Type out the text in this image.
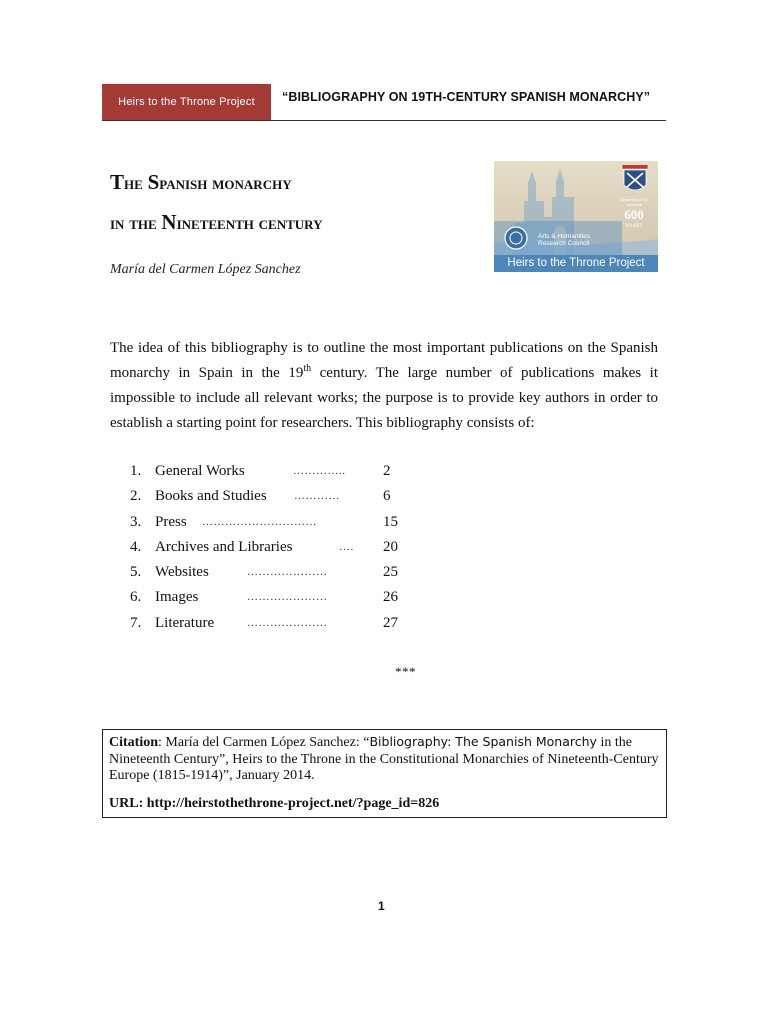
Heirs to the Throne Project	“BIBLIOGRAPHY ON 19TH-CENTURY SPANISH MONARCHY”
The Spanish monarchy
in the Nineteenth century
María del Carmen López Sanchez
University of St Andrews
600
YEARS
Arts & Humanities Research Council
Heirs to the Throne Project
The idea of this bibliography is to outline the most important publications on the Spanish monarchy in Spain in the 19th century. The large number of publications makes it impossible to include all relevant works; the purpose is to provide key authors in order to establish a starting point for researchers. This bibliography consists of:
1. General Works	…………..	2
2. Books and Studies …………	6
3. Press …………………………	15
4. Archives and Libraries	…. 20
5. Websites	…………………	25
6. Images	…………………	26
7. Literature	…………………	27
***
Citation: María del Carmen López Sanchez: “Bibliography: The Spanish Monarchy in the Nineteenth Century”, Heirs to the Throne in the Constitutional Monarchies of Nineteenth-Century Europe (1815-1914)”, January 2014.
URL: http://heirstothethrone-project.net/?page_id=826
1
